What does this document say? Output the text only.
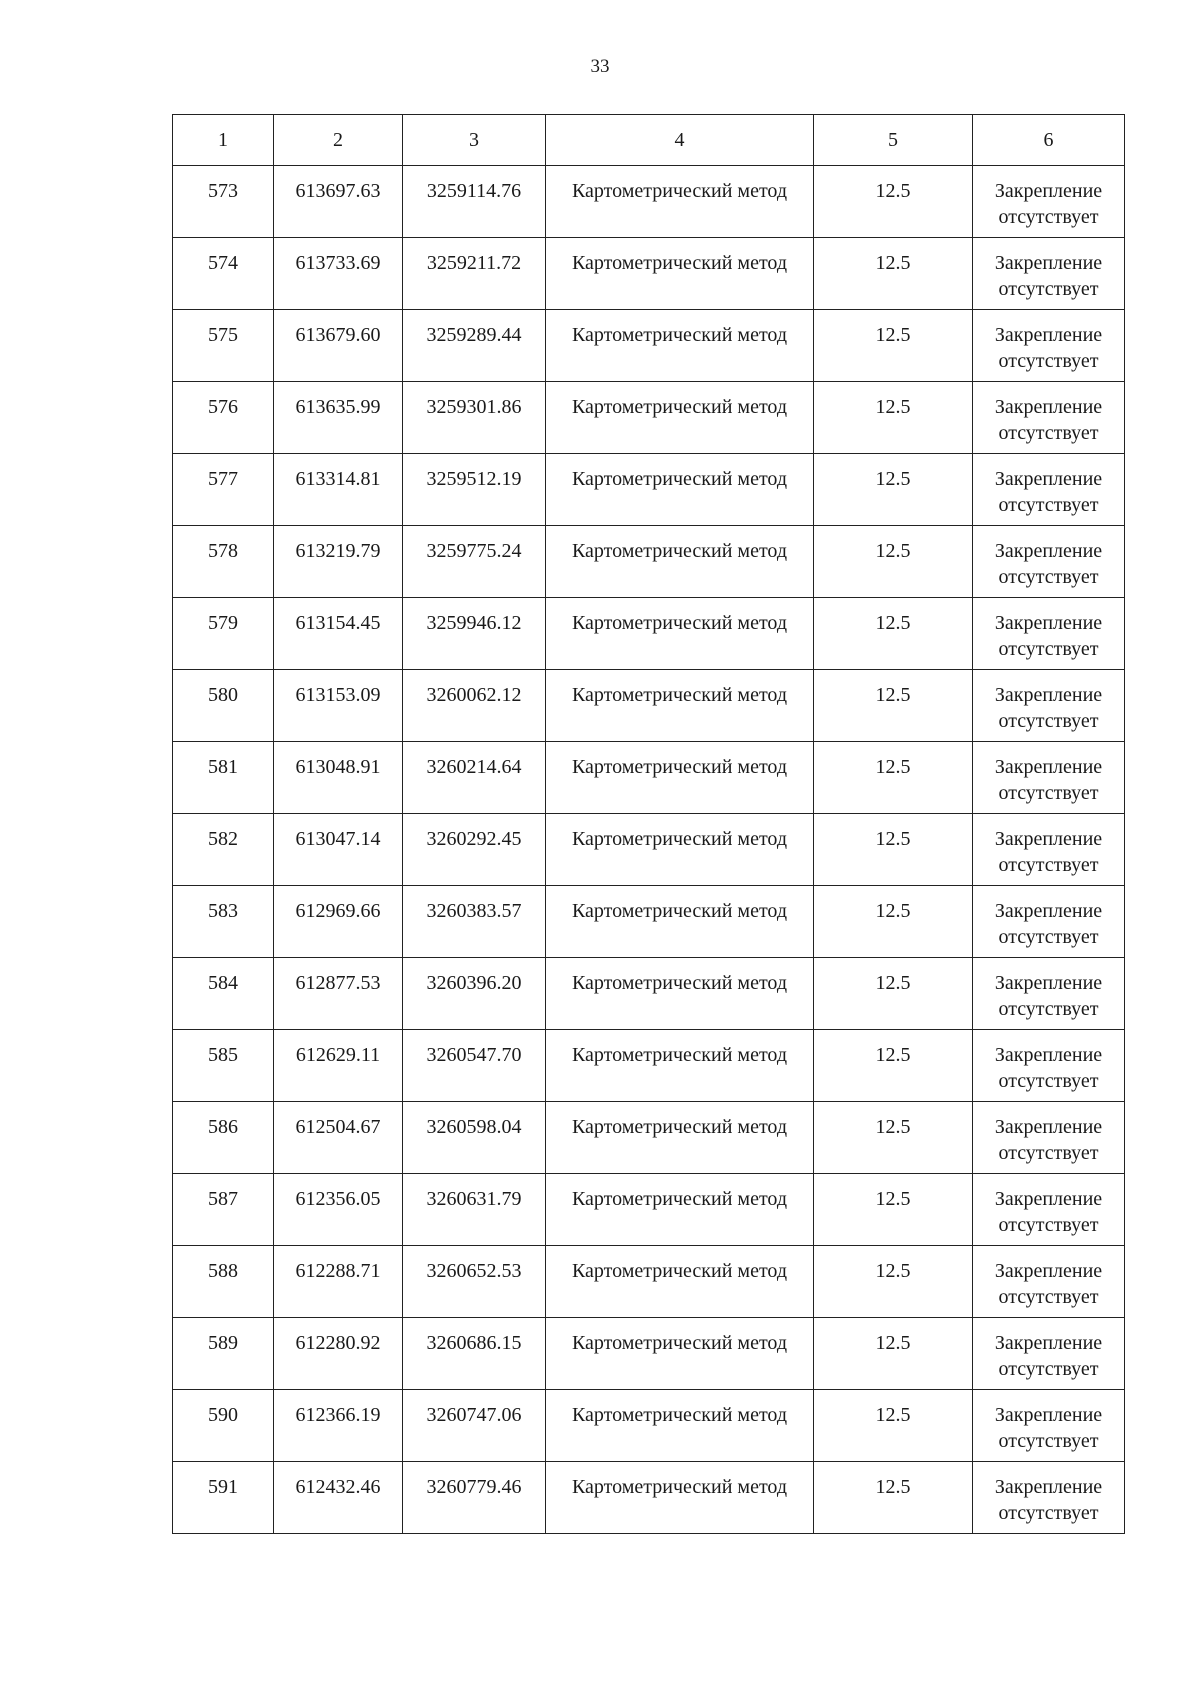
33
1	2	3	4	5	6
573	613697.63	3259114.76	Картометрический метод	12.5	Закрепление
отсутствует

574	613733.69	3259211.72	Картометрический метод	12.5	Закрепление
отсутствует

575	613679.60	3259289.44	Картометрический метод	12.5	Закрепление
отсутствует

576	613635.99	3259301.86	Картометрический метод	12.5	Закрепление
отсутствует

577	613314.81	3259512.19	Картометрический метод	12.5	Закрепление
отсутствует

578	613219.79	3259775.24	Картометрический метод	12.5	Закрепление
отсутствует

579	613154.45	3259946.12	Картометрический метод	12.5	Закрепление
отсутствует

580	613153.09	3260062.12	Картометрический метод	12.5	Закрепление
отсутствует

581	613048.91	3260214.64	Картометрический метод	12.5	Закрепление
отсутствует

582	613047.14	3260292.45	Картометрический метод	12.5	Закрепление
отсутствует

583	612969.66	3260383.57	Картометрический метод	12.5	Закрепление
отсутствует

584	612877.53	3260396.20	Картометрический метод	12.5	Закрепление
отсутствует

585	612629.11	3260547.70	Картометрический метод	12.5	Закрепление
отсутствует

586	612504.67	3260598.04	Картометрический метод	12.5	Закрепление
отсутствует

587	612356.05	3260631.79	Картометрический метод	12.5	Закрепление
отсутствует

588	612288.71	3260652.53	Картометрический метод	12.5	Закрепление
отсутствует

589	612280.92	3260686.15	Картометрический метод	12.5	Закрепление
отсутствует

590	612366.19	3260747.06	Картометрический метод	12.5	Закрепление
отсутствует

591	612432.46	3260779.46	Картометрический метод	12.5	Закрепление
отсутствует
